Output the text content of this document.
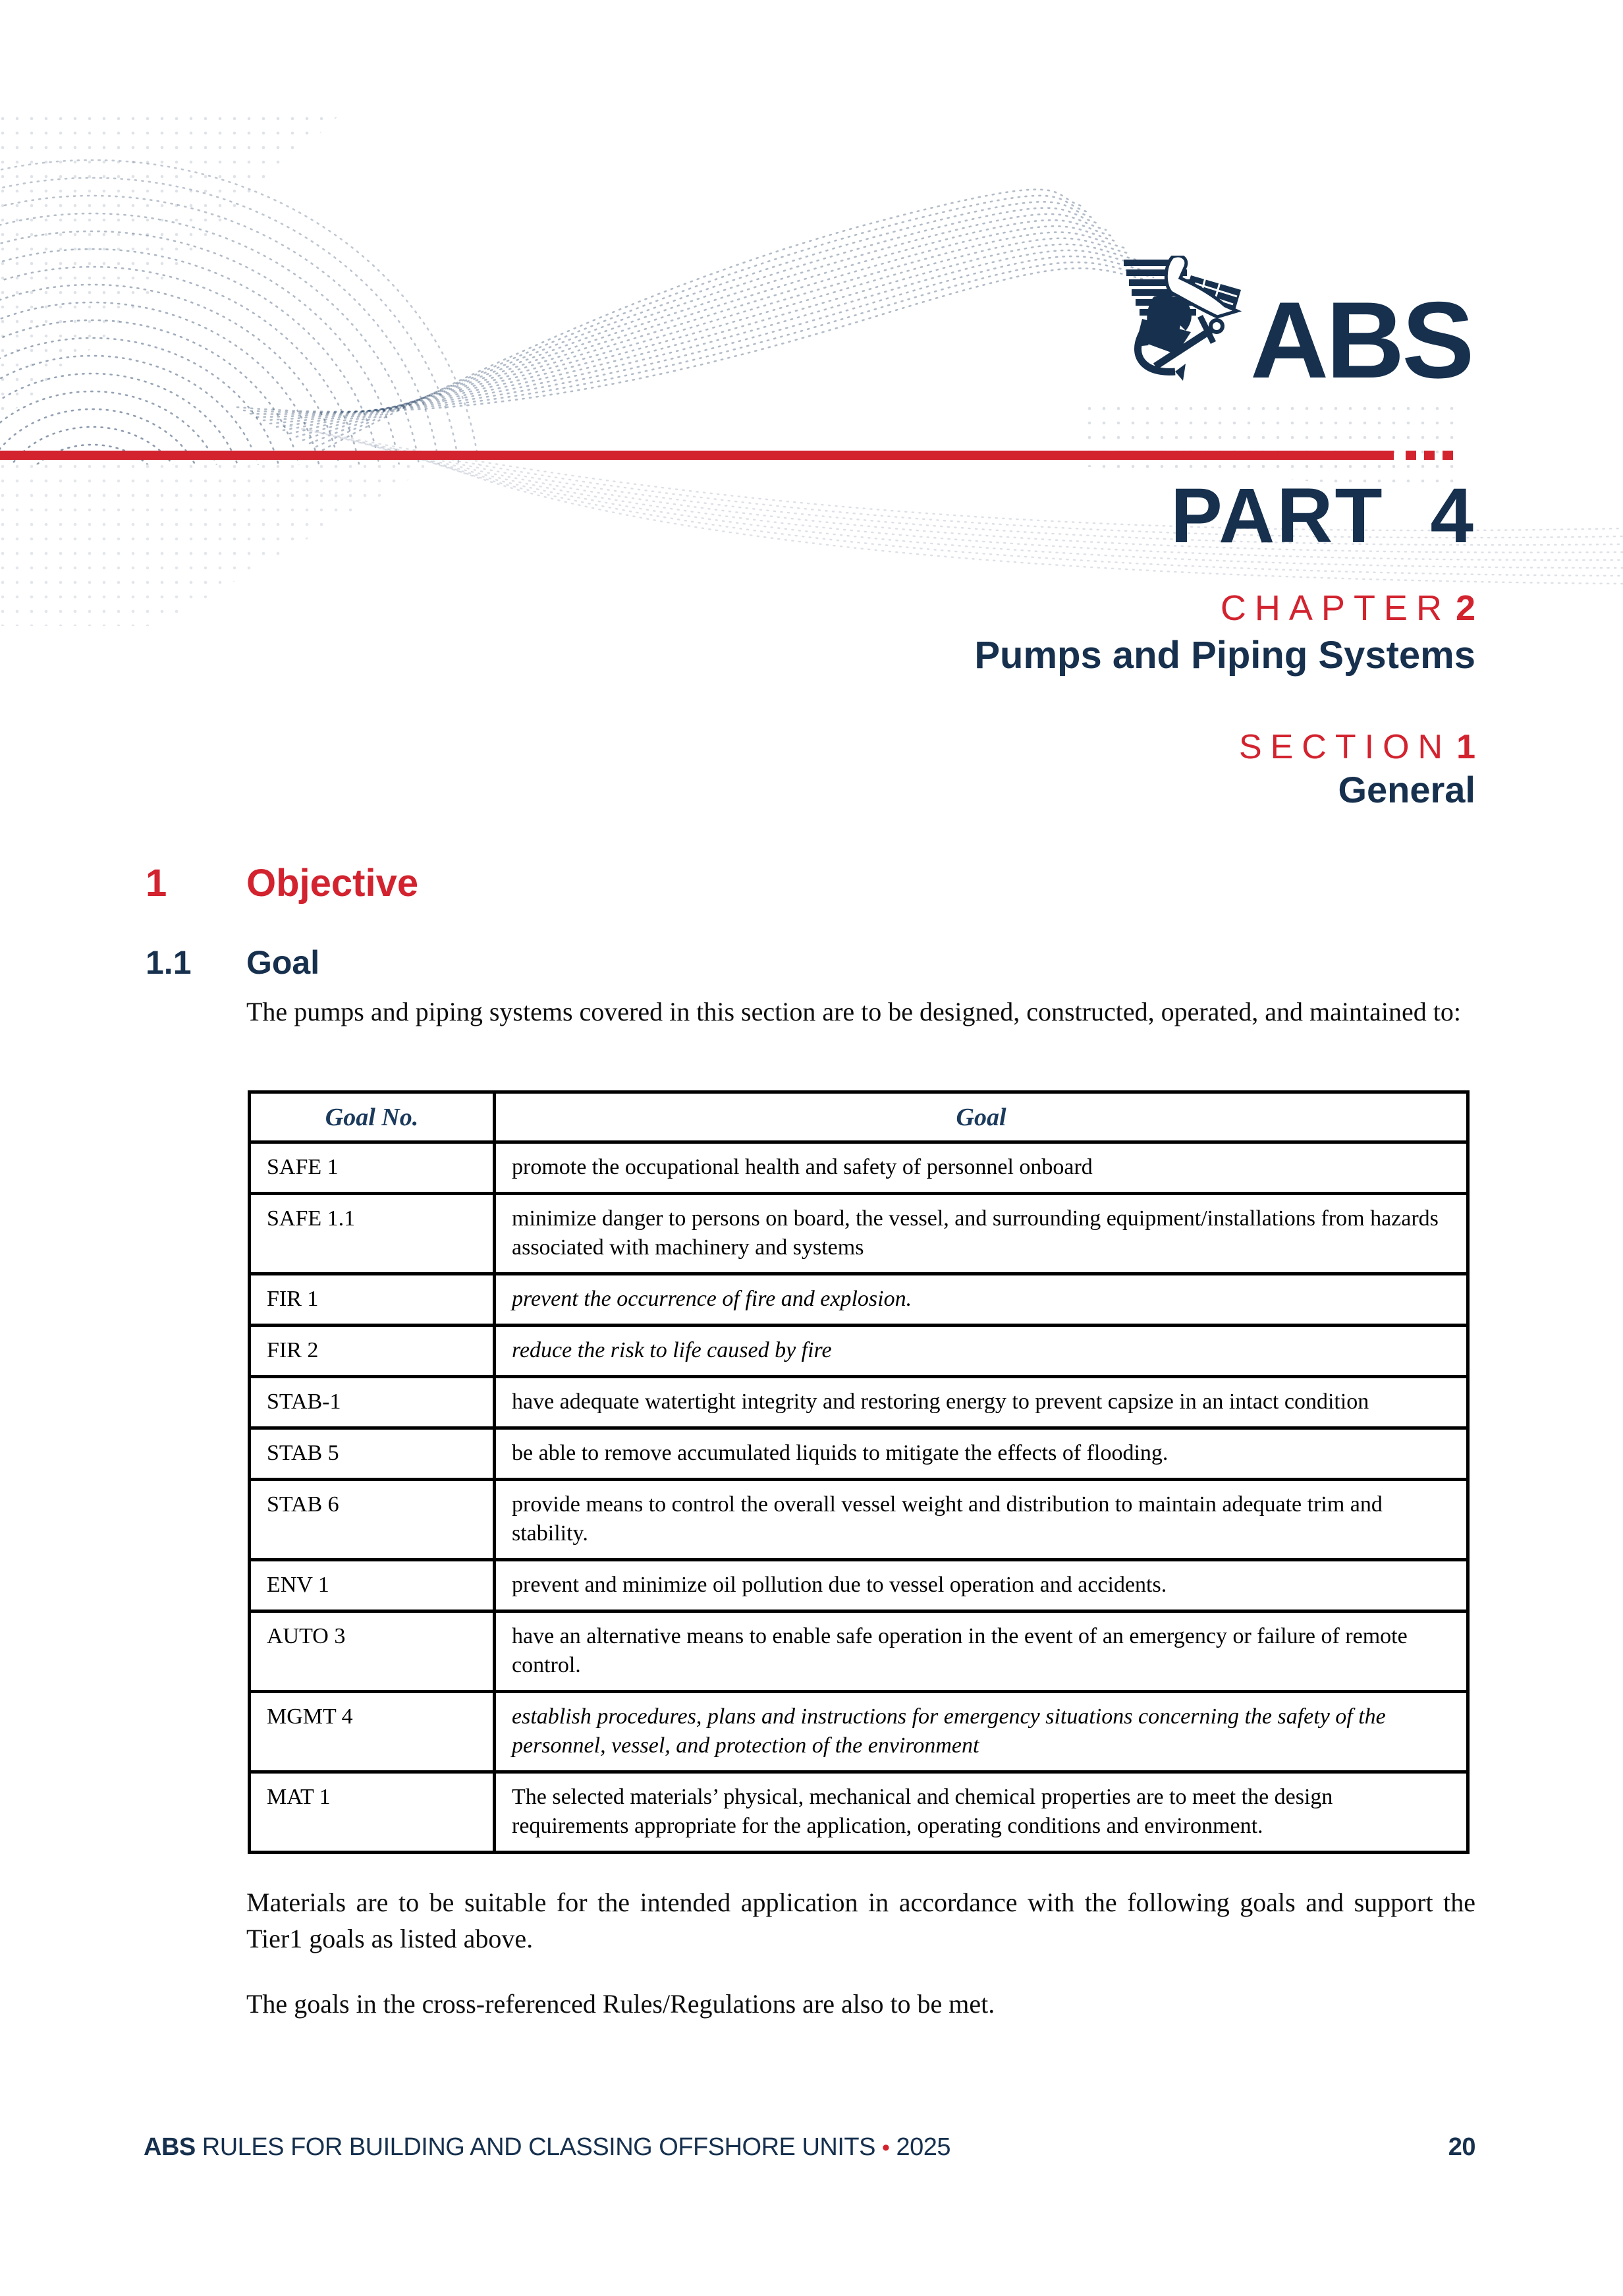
ABS
PART 4
CHAPTER 2
Pumps and Piping Systems
SECTION 1
General
1 Objective
1.1 Goal

The pumps and piping systems covered in this section are to be designed, constructed, operated, and maintained to:

Goal No.	Goal
SAFE 1	promote the occupational health and safety of personnel onboard
SAFE 1.1	minimize danger to persons on board, the vessel, and surrounding equipment/installations from hazards associated with machinery and systems
FIR 1	prevent the occurrence of fire and explosion.
FIR 2	reduce the risk to life caused by fire
STAB-1	have adequate watertight integrity and restoring energy to prevent capsize in an intact condition
STAB 5	be able to remove accumulated liquids to mitigate the effects of flooding.
STAB 6	provide means to control the overall vessel weight and distribution to maintain adequate trim and stability.
ENV 1	prevent and minimize oil pollution due to vessel operation and accidents.
AUTO 3	have an alternative means to enable safe operation in the event of an emergency or failure of remote control.
MGMT 4	establish procedures, plans and instructions for emergency situations concerning the safety of the personnel, vessel, and protection of the environment
MAT 1	The selected materials’ physical, mechanical and chemical properties are to meet the design requirements appropriate for the application, operating conditions and environment.

Materials are to be suitable for the intended application in accordance with the following goals and support the Tier1 goals as listed above.

The goals in the cross-referenced Rules/Regulations are also to be met.

ABS RULES FOR BUILDING AND CLASSING OFFSHORE UNITS • 2025	20
